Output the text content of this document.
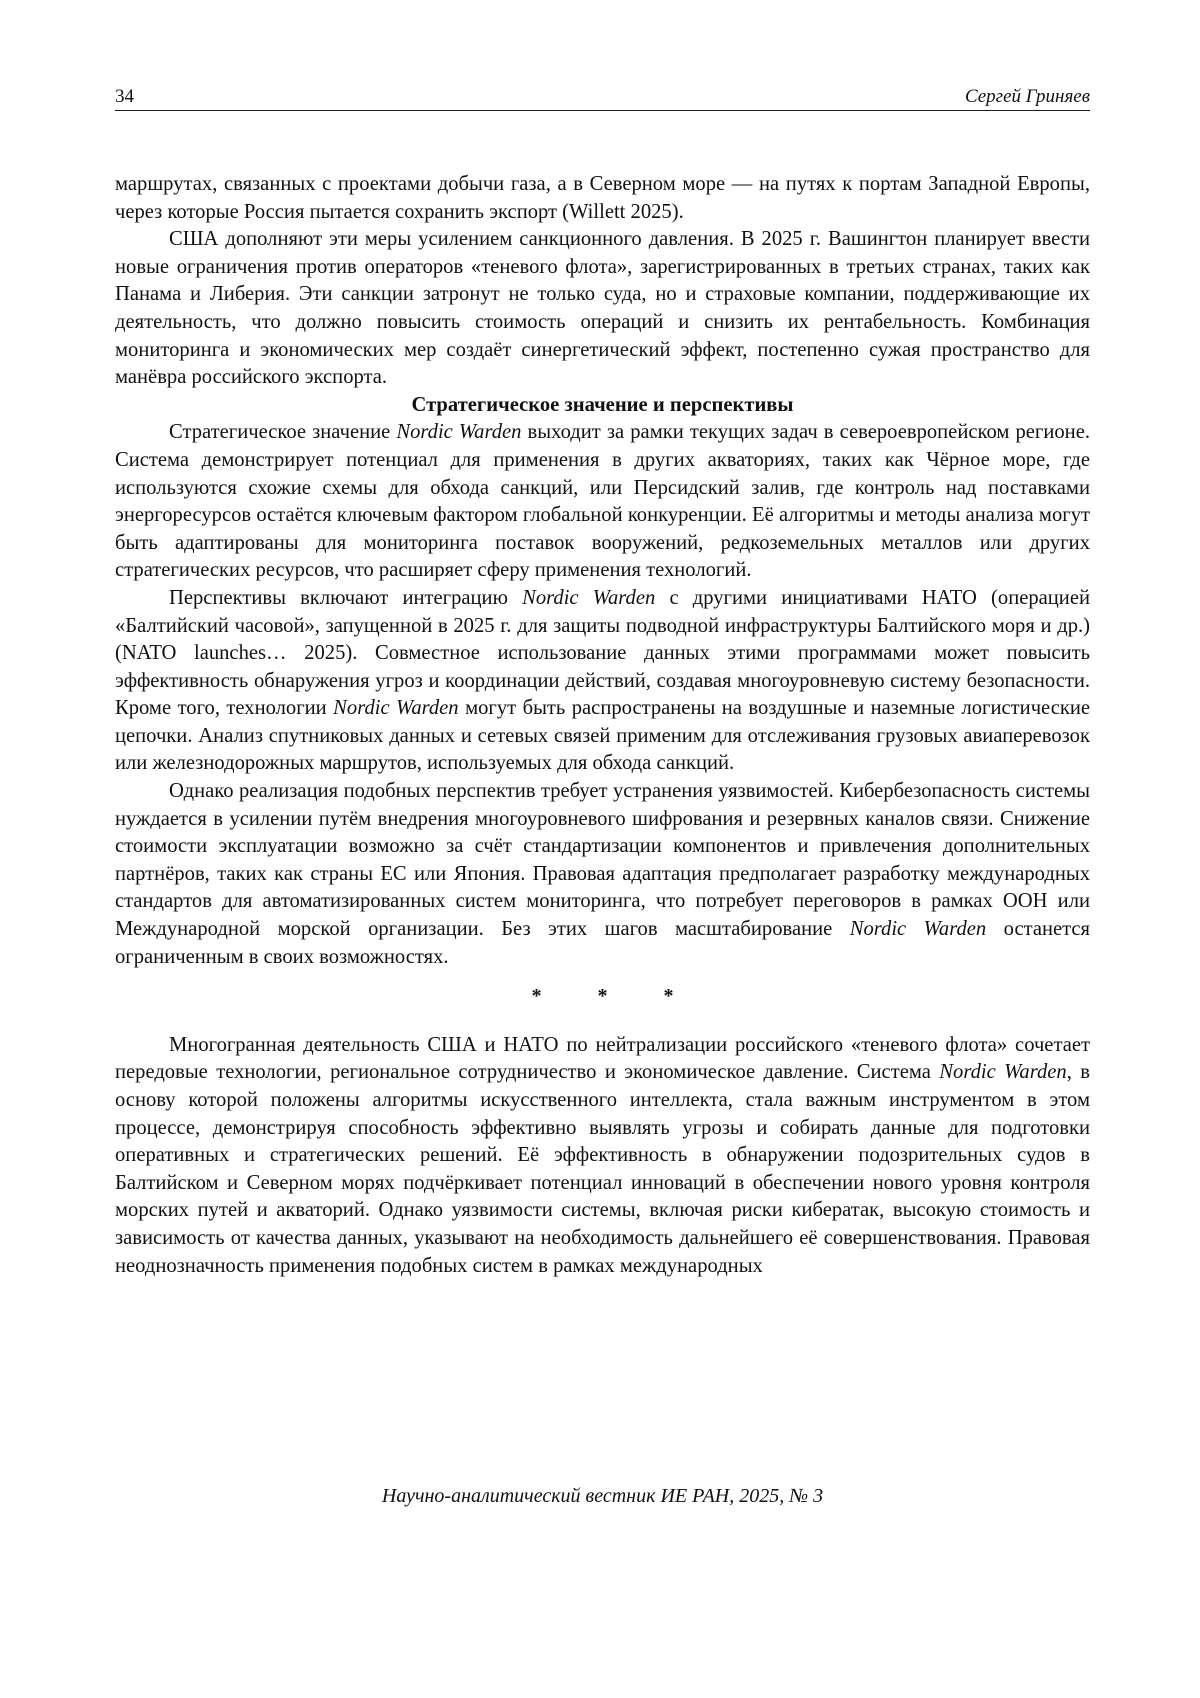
34	Сергей Гриняев

маршрутах, связанных с проектами добычи газа, а в Северном море — на путях к портам Западной Европы, через которые Россия пытается сохранить экспорт (Willett 2025).

США дополняют эти меры усилением санкционного давления. В 2025 г. Вашингтон планирует ввести новые ограничения против операторов «теневого флота», зарегистрированных в третьих странах, таких как Панама и Либерия. Эти санкции затронут не только суда, но и страховые компании, поддерживающие их деятельность, что должно повысить стоимость операций и снизить их рентабельность. Комбинация мониторинга и экономических мер создаёт синергетический эффект, постепенно сужая пространство для манёвра российского экспорта.

Стратегическое значение и перспективы

Стратегическое значение Nordic Warden выходит за рамки текущих задач в североевропейском регионе. Система демонстрирует потенциал для применения в других акваториях, таких как Чёрное море, где используются схожие схемы для обхода санкций, или Персидский залив, где контроль над поставками энергоресурсов остаётся ключевым фактором глобальной конкуренции. Её алгоритмы и методы анализа могут быть адаптированы для мониторинга поставок вооружений, редкоземельных металлов или других стратегических ресурсов, что расширяет сферу применения технологий.

Перспективы включают интеграцию Nordic Warden с другими инициативами НАТО (операцией «Балтийский часовой», запущенной в 2025 г. для защиты подводной инфраструктуры Балтийского моря и др.) (NATO launches… 2025). Совместное использование данных этими программами может повысить эффективность обнаружения угроз и координации действий, создавая многоуровневую систему безопасности. Кроме того, технологии Nordic Warden могут быть распространены на воздушные и наземные логистические цепочки. Анализ спутниковых данных и сетевых связей применим для отслеживания грузовых авиаперевозок или железнодорожных маршрутов, используемых для обхода санкций.

Однако реализация подобных перспектив требует устранения уязвимостей. Кибербезопасность системы нуждается в усилении путём внедрения многоуровневого шифрования и резервных каналов связи. Снижение стоимости эксплуатации возможно за счёт стандартизации компонентов и привлечения дополнительных партнёров, таких как страны ЕС или Япония. Правовая адаптация предполагает разработку международных стандартов для автоматизированных систем мониторинга, что потребует переговоров в рамках ООН или Международной морской организации. Без этих шагов масштабирование Nordic Warden останется ограниченным в своих возможностях.

*	*	*

Многогранная деятельность США и НАТО по нейтрализации российского «теневого флота» сочетает передовые технологии, региональное сотрудничество и экономическое давление. Система Nordic Warden, в основу которой положены алгоритмы искусственного интеллекта, стала важным инструментом в этом процессе, демонстрируя способность эффективно выявлять угрозы и собирать данные для подготовки оперативных и стратегических решений. Её эффективность в обнаружении подозрительных судов в Балтийском и Северном морях подчёркивает потенциал инноваций в обеспечении нового уровня контроля морских путей и акваторий. Однако уязвимости системы, включая риски кибератак, высокую стоимость и зависимость от качества данных, указывают на необходимость дальнейшего её совершенствования. Правовая неоднозначность применения подобных систем в рамках международных

Научно-аналитический вестник ИЕ РАН, 2025, № 3
